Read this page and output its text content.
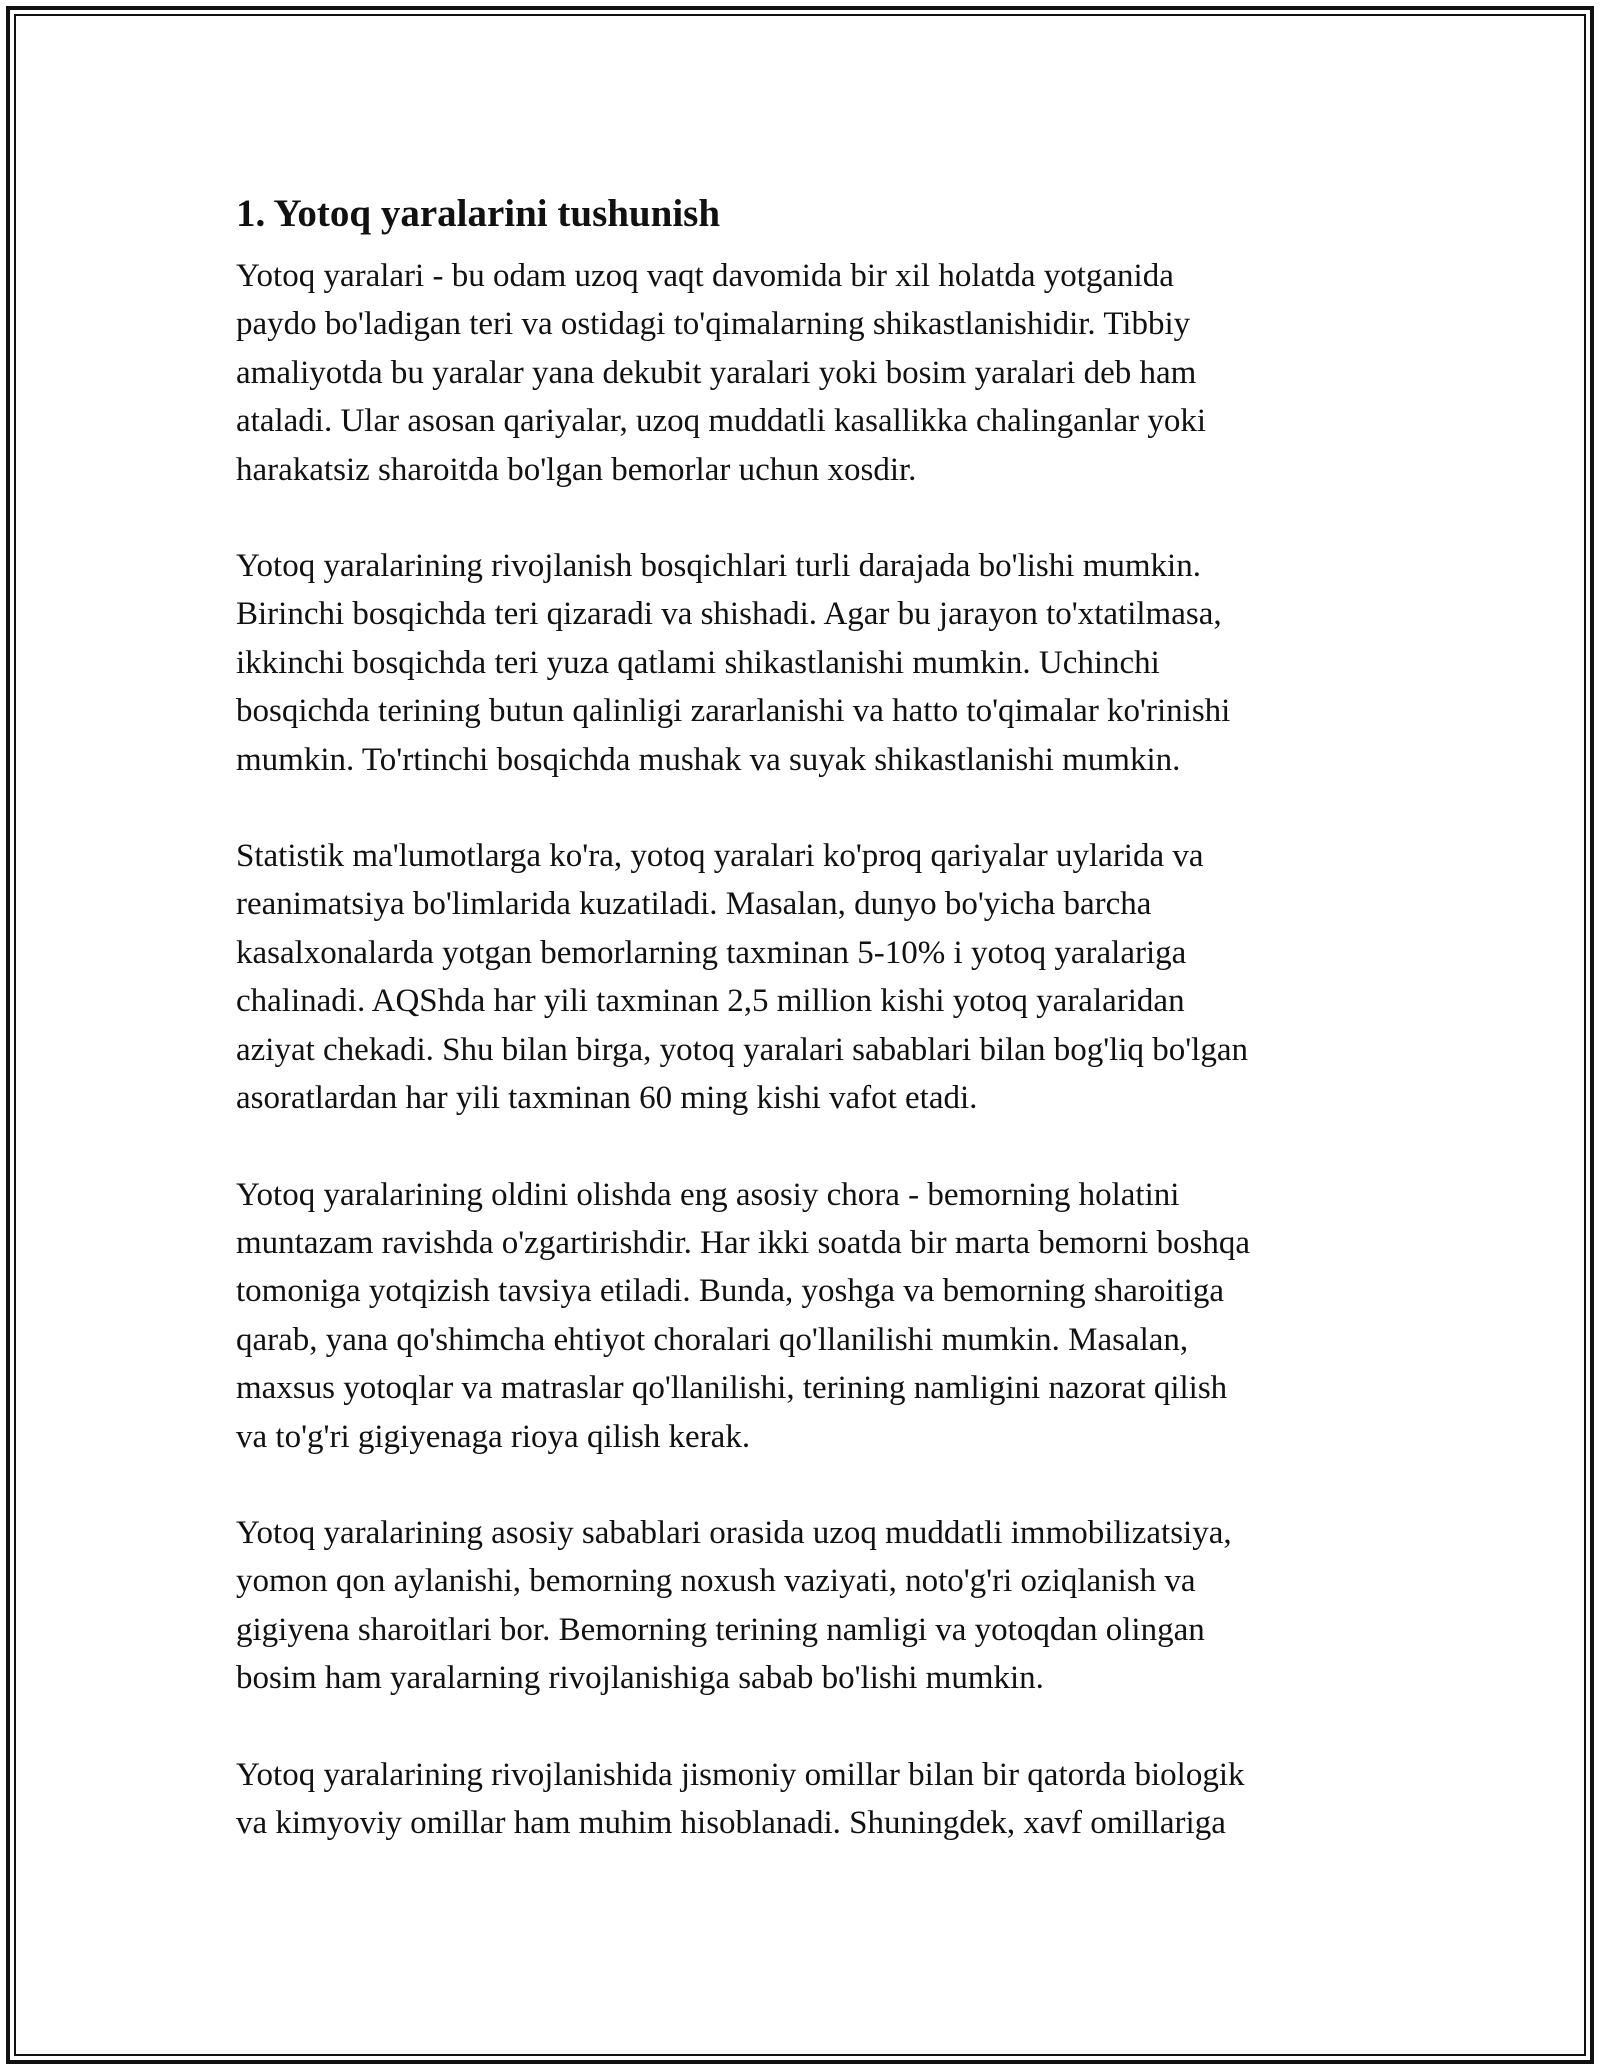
1. Yotoq yaralarini tushunish

Yotoq yaralari - bu odam uzoq vaqt davomida bir xil holatda yotganida
paydo bo'ladigan teri va ostidagi to'qimalarning shikastlanishidir. Tibbiy
amaliyotda bu yaralar yana dekubit yaralari yoki bosim yaralari deb ham
ataladi. Ular asosan qariyalar, uzoq muddatli kasallikka chalinganlar yoki
harakatsiz sharoitda bo'lgan bemorlar uchun xosdir.

Yotoq yaralarining rivojlanish bosqichlari turli darajada bo'lishi mumkin.
Birinchi bosqichda teri qizaradi va shishadi. Agar bu jarayon to'xtatilmasa,
ikkinchi bosqichda teri yuza qatlami shikastlanishi mumkin. Uchinchi
bosqichda terining butun qalinligi zararlanishi va hatto to'qimalar ko'rinishi
mumkin. To'rtinchi bosqichda mushak va suyak shikastlanishi mumkin.

Statistik ma'lumotlarga ko'ra, yotoq yaralari ko'proq qariyalar uylarida va
reanimatsiya bo'limlarida kuzatiladi. Masalan, dunyo bo'yicha barcha
kasalxonalarda yotgan bemorlarning taxminan 5-10% i yotoq yaralariga
chalinadi. AQShda har yili taxminan 2,5 million kishi yotoq yaralaridan
aziyat chekadi. Shu bilan birga, yotoq yaralari sabablari bilan bog'liq bo'lgan
asoratlardan har yili taxminan 60 ming kishi vafot etadi.

Yotoq yaralarining oldini olishda eng asosiy chora - bemorning holatini
muntazam ravishda o'zgartirishdir. Har ikki soatda bir marta bemorni boshqa
tomoniga yotqizish tavsiya etiladi. Bunda, yoshga va bemorning sharoitiga
qarab, yana qo'shimcha ehtiyot choralari qo'llanilishi mumkin. Masalan,
maxsus yotoqlar va matraslar qo'llanilishi, terining namligini nazorat qilish
va to'g'ri gigiyenaga rioya qilish kerak.

Yotoq yaralarining asosiy sabablari orasida uzoq muddatli immobilizatsiya,
yomon qon aylanishi, bemorning noxush vaziyati, noto'g'ri oziqlanish va
gigiyena sharoitlari bor. Bemorning terining namligi va yotoqdan olingan
bosim ham yaralarning rivojlanishiga sabab bo'lishi mumkin.

Yotoq yaralarining rivojlanishida jismoniy omillar bilan bir qatorda biologik
va kimyoviy omillar ham muhim hisoblanadi. Shuningdek, xavf omillariga
